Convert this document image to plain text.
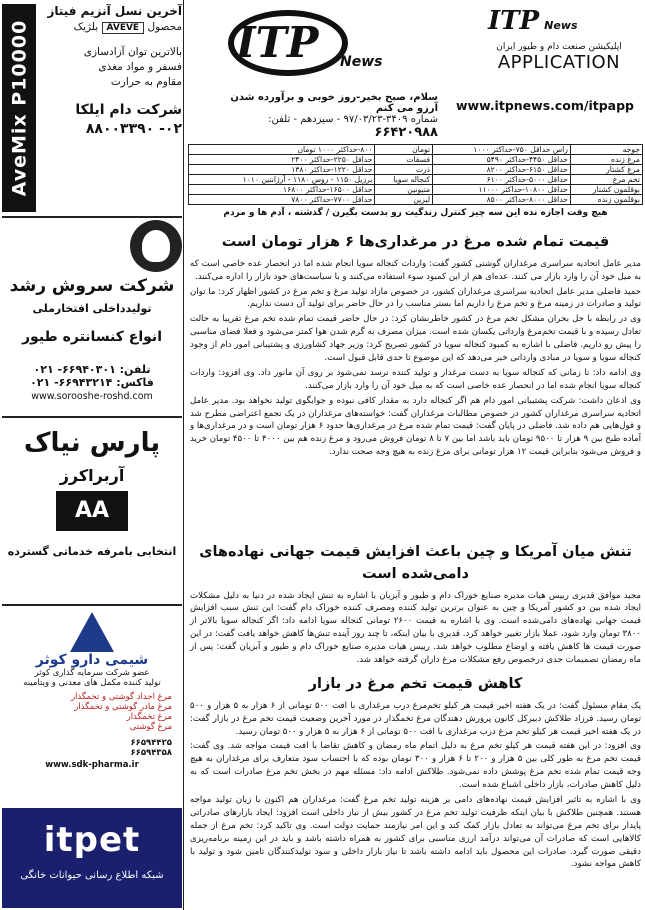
AveMix P10000

آخرین نسل آنزیم فیتاز

محصول AVEVE بلژیک

بالاترین توان آزادسازی

فسفر و مواد مغذی

مقاوم به حرارت

شرکت دام ایلکا

۰۲- ۸۸۰۰۳۳۹۰

شرکت سروش رشد
تولیدداخلی افتخارملی
انواع کنسانتره طیور
تلفن: ۶۶۹۴۰۳۰۱- ۰۲۱
فاکس: ۶۶۹۴۳۲۱۴- ۰۲۱
www.sorooshe-roshd.com
پارس نیاک
آربراکرز
AA
انتخابی بامرفه خدماتی گسترده
شیمی دارو کوثر
عضو شرکت سرمایه گذاری کوثر
تولید کننده مکمل های معدنی و ویتامینه
مرغ اجداد گوشتی و تخمگذار
مرغ مادر گوشتی و تخمگذار
مرغ تخمگذار
مرغ گوشتی
۶۶۵۹۴۴۲۵
۶۶۵۹۴۳۵۸
www.sdk-pharma.ir
itpet
شبکه اطلاع رسانی حیوانات خانگی
ITP News
سلام، صبح بخیر-روز خوبی و برآورده شدن آرزو می کنم
شماره ۳۴۰۹-۹۷/۰۳/۲۳ - سیزدهم - تلفن:
۶۶۴۲۰۹۸۸
ITP News
اپلیکیشن صنعت دام و طیور ایران
APPLICATION
www.itpnews.com/itpapp
جوجه	راس حداقل ۷۵۰-حداکثر ۱۰۰۰	تومان	۸۰۰-حداکثر ۱۰۰۰ تومان
مرغ زنده	حداقل ۴۴۵۰-حداکثر ۵۴۹۰	فسفات	حداقل ۲۲۵۰-حداکثر ۲۴۰۰
مرغ کشتار	حداقل ۶۱۵۰-حداکثر ۸۲۰۰	ذرت	حداقل ۱۲۲۰-حداکثر ۱۳۸۰
تخم مرغ	حداقل ۵۰۰۰-حداکثر ۶۱۰۰	کنجاله سویا	برزیل ۱۱۵۰ - روس ۱۱۸۰ - آرژانتین ۱۰۱۰
بوقلمون کشتار	حداقل ۱۰۸۰۰-حداکثر ۱۱۰۰۰	متیونین	حداقل ۱۶۵۰۰-حداکثر ۱۶۸۰۰
بوقلمون زنده	حداقل ۸۰۰۰-حداکثر ۸۵۰۰	لیزین	حداقل ۷۷۰۰-حداکثر ۷۸۰۰
هیچ وقت اجازه نده این سه چیز کنترل زندگیت رو بدست بگیرن / گذشته ، آدم ها و مردم
قیمت تمام شده مرغ در مرغداری‌ها ۶ هزار تومان است

مدیر عامل اتحادیه سراسری مرغداران گوشتی کشور گفت: واردات کنجاله سویا انجام شده اما در انحصار عده خاصی است که به میل خود آن را وارد بازار می کنند. عده‌ای هم از این کمبود سوء استفاده می‌کنند و با سیاست‌های خود بازار را اداره می‌کنند.

حمید فاضلی مدیر عامل اتحادیه سراسری مرغداران کشور، در خصوص مازاد تولید مرغ و تخم مرغ در کشور اظهار کرد: ما توان تولید و صادرات در زمینه مرغ و تخم مرغ را داریم اما بستر مناسب را در حال حاضر برای تولید آن دست نداریم.

وی در رابطه با حل بحران مشکل تخم مرغ در کشور خاطرنشان کرد: در حال حاضر قیمت تمام شده تخم مرغ تقریبا به حالت تعادل رسیده و با قیمت تخم‌مرغ وارداتی یکسان شده است. میزان مصرف به گرم شدن هوا کمتر می‌شود و فعلا فضای مناسبی را پیش رو داریم. فاضلی با اشاره به کمبود کنجاله سویا در کشور تصریح کرد: وزیر جهاد کشاورزی و پشتیبانی امور دام از وجود کنجاله سویا و سویا در مبادی وارداتی خبر می‌دهد که این موضوع تا حدی قابل قبول است.

وی ادامه داد: تا زمانی که کنجاله سویا به دست مرغدار و تولید کننده نرسد نمی‌شود بر روی آن مانور داد. وی افزود: واردات کنجاله سویا انجام شده اما در انحصار عده خاصی است که به میل خود آن را وارد بازار می‌کنند.

وی اذعان داشت: شرکت پشتیبانی امور دام هم اگر کنجاله دارد به مقدار کافی نبوده و جوابگوی تولید نخواهد بود. مدیر عامل اتحادیه سراسری مرغداران کشور در خصوص مطالبات مرغداران گفت: خواسته‌های مرغداران در یک تجمع اعتراضی مطرح شد و قول‌هایی هم داده شد. فاضلی در پایان گفت: قیمت تمام شده مرغ در مرغداری‌ها حدود ۶ هزار تومان است و در مرغداری‌ها و آماده طبخ بین ۹ هزار تا ۹۵۰۰ تومان باید باشد اما بین ۷ تا ۸ تومان فروش می‌رود و مرغ زنده هم بین ۴۰۰۰ تا ۴۵۰۰ تومان خرید و فروش می‌شود بنابراین قیمت ۱۲ هزار تومانی برای مرغ زنده به هیچ وجه صحت ندارد.

تنش میان آمریکا و چین باعث افزایش قیمت جهانی نهاده‌های دامی‌شده است

مجید موافق قدیری رییس هیات مدیره صنایع خوراک دام و طیور و آبزیان با اشاره به تنش ایجاد شده در دنیا به دلیل مشکلات ایجاد شده بین دو کشور آمریکا و چین به عنوان برترین تولید کننده ومصرف کننده خوراک دام گفت: این تنش سبب افزایش قیمت جهانی نهاده‌های دامی‌شده است. وی با اشاره به قیمت ۲۶۰۰ تومانی کنجاله سویا ادامه داد: اگر کنجاله سویا بالاتر از ۳۸۰۰ تومان وارد شود، عملا بازار تغییر خواهد کرد. قدیری با بیان اینکه، تا چند روز آینده تنش‌ها کاهش خواهد یافت گفت: در این صورت قیمت ها کاهش یافته و اوضاع مطلوب خواهد شد. رییس هیات مدیره صنایع خوراک دام و طیور و آبزیان گفت: پس از ماه رمضان تصمیمات جدی درخصوص رفع مشکلات مرغ داران گرفته خواهد شد.

کاهش قیمت تخم مرغ در بازار

یک مقام مسئول گفت: در یک هفته اخیر قیمت هر کیلو تخم‌مرغ درب مرغداری با افت ۵۰۰ تومانی از ۶ هزار به ۵ هزار و ۵۰۰ تومان رسید. فرزاد طلاکش دبیرکل کانون پرورش دهندگان مرغ تخمگذار در مورد آخرین وضعیت قیمت تخم مرغ در بازار گفت: در یک هفته اخیر قیمت هر کیلو تخم مرغ درب مرغداری با افت ۵۰۰ تومانی از ۶ هزار به ۵ هزار و ۵۰۰ تومان رسید.

وی افزود: در این هفته قیمت هر کیلو تخم مرغ به دلیل اتمام ماه رمضان و کاهش تقاضا با افت قیمت مواجه شد. وی گفت: قیمت تخم مرغ به طور کلی بین ۵ هزار و ۲۰۰ تا ۶ هزار و ۳۰۰ تومان بوده که با احتساب سود متعارف برای مرغداران به هیچ وجه قیمت تمام شده تخم مرغ پوشش داده نمی‌شود. طلاکش ادامه داد: مسئله مهم در بخش تخم مرغ صادرات است که به دلیل کاهش صادرات، بازار داخلی اشباع شده است.

وی با اشاره به تاثیر افزایش قیمت نهاده‌های دامی بر هزینه تولید تخم مرغ گفت: مرغداران هم اکنون با زیان تولید مواجه هستند. همچنین طلاکش با بیان اینکه ظرفیت تولید تخم مرغ در کشور بیش از نیاز داخلی است افزود: ایجاد بازارهای صادراتی پایدار برای تخم مرغ می‌تواند به تعادل بازار کمک کند و این امر نیازمند حمایت دولت است. وی تاکید کرد: تخم مرغ از جمله کالاهایی است که صادرات آن می‌تواند درآمد ارزی مناسبی برای کشور به همراه داشته باشد و باید در این زمینه برنامه‌ریزی دقیقی صورت گیرد. صادرات این محصول باید ادامه داشته باشد تا نیاز بازار داخلی و سود تولیدکنندگان تامین شود و تولید با کاهش مواجه نشود.
